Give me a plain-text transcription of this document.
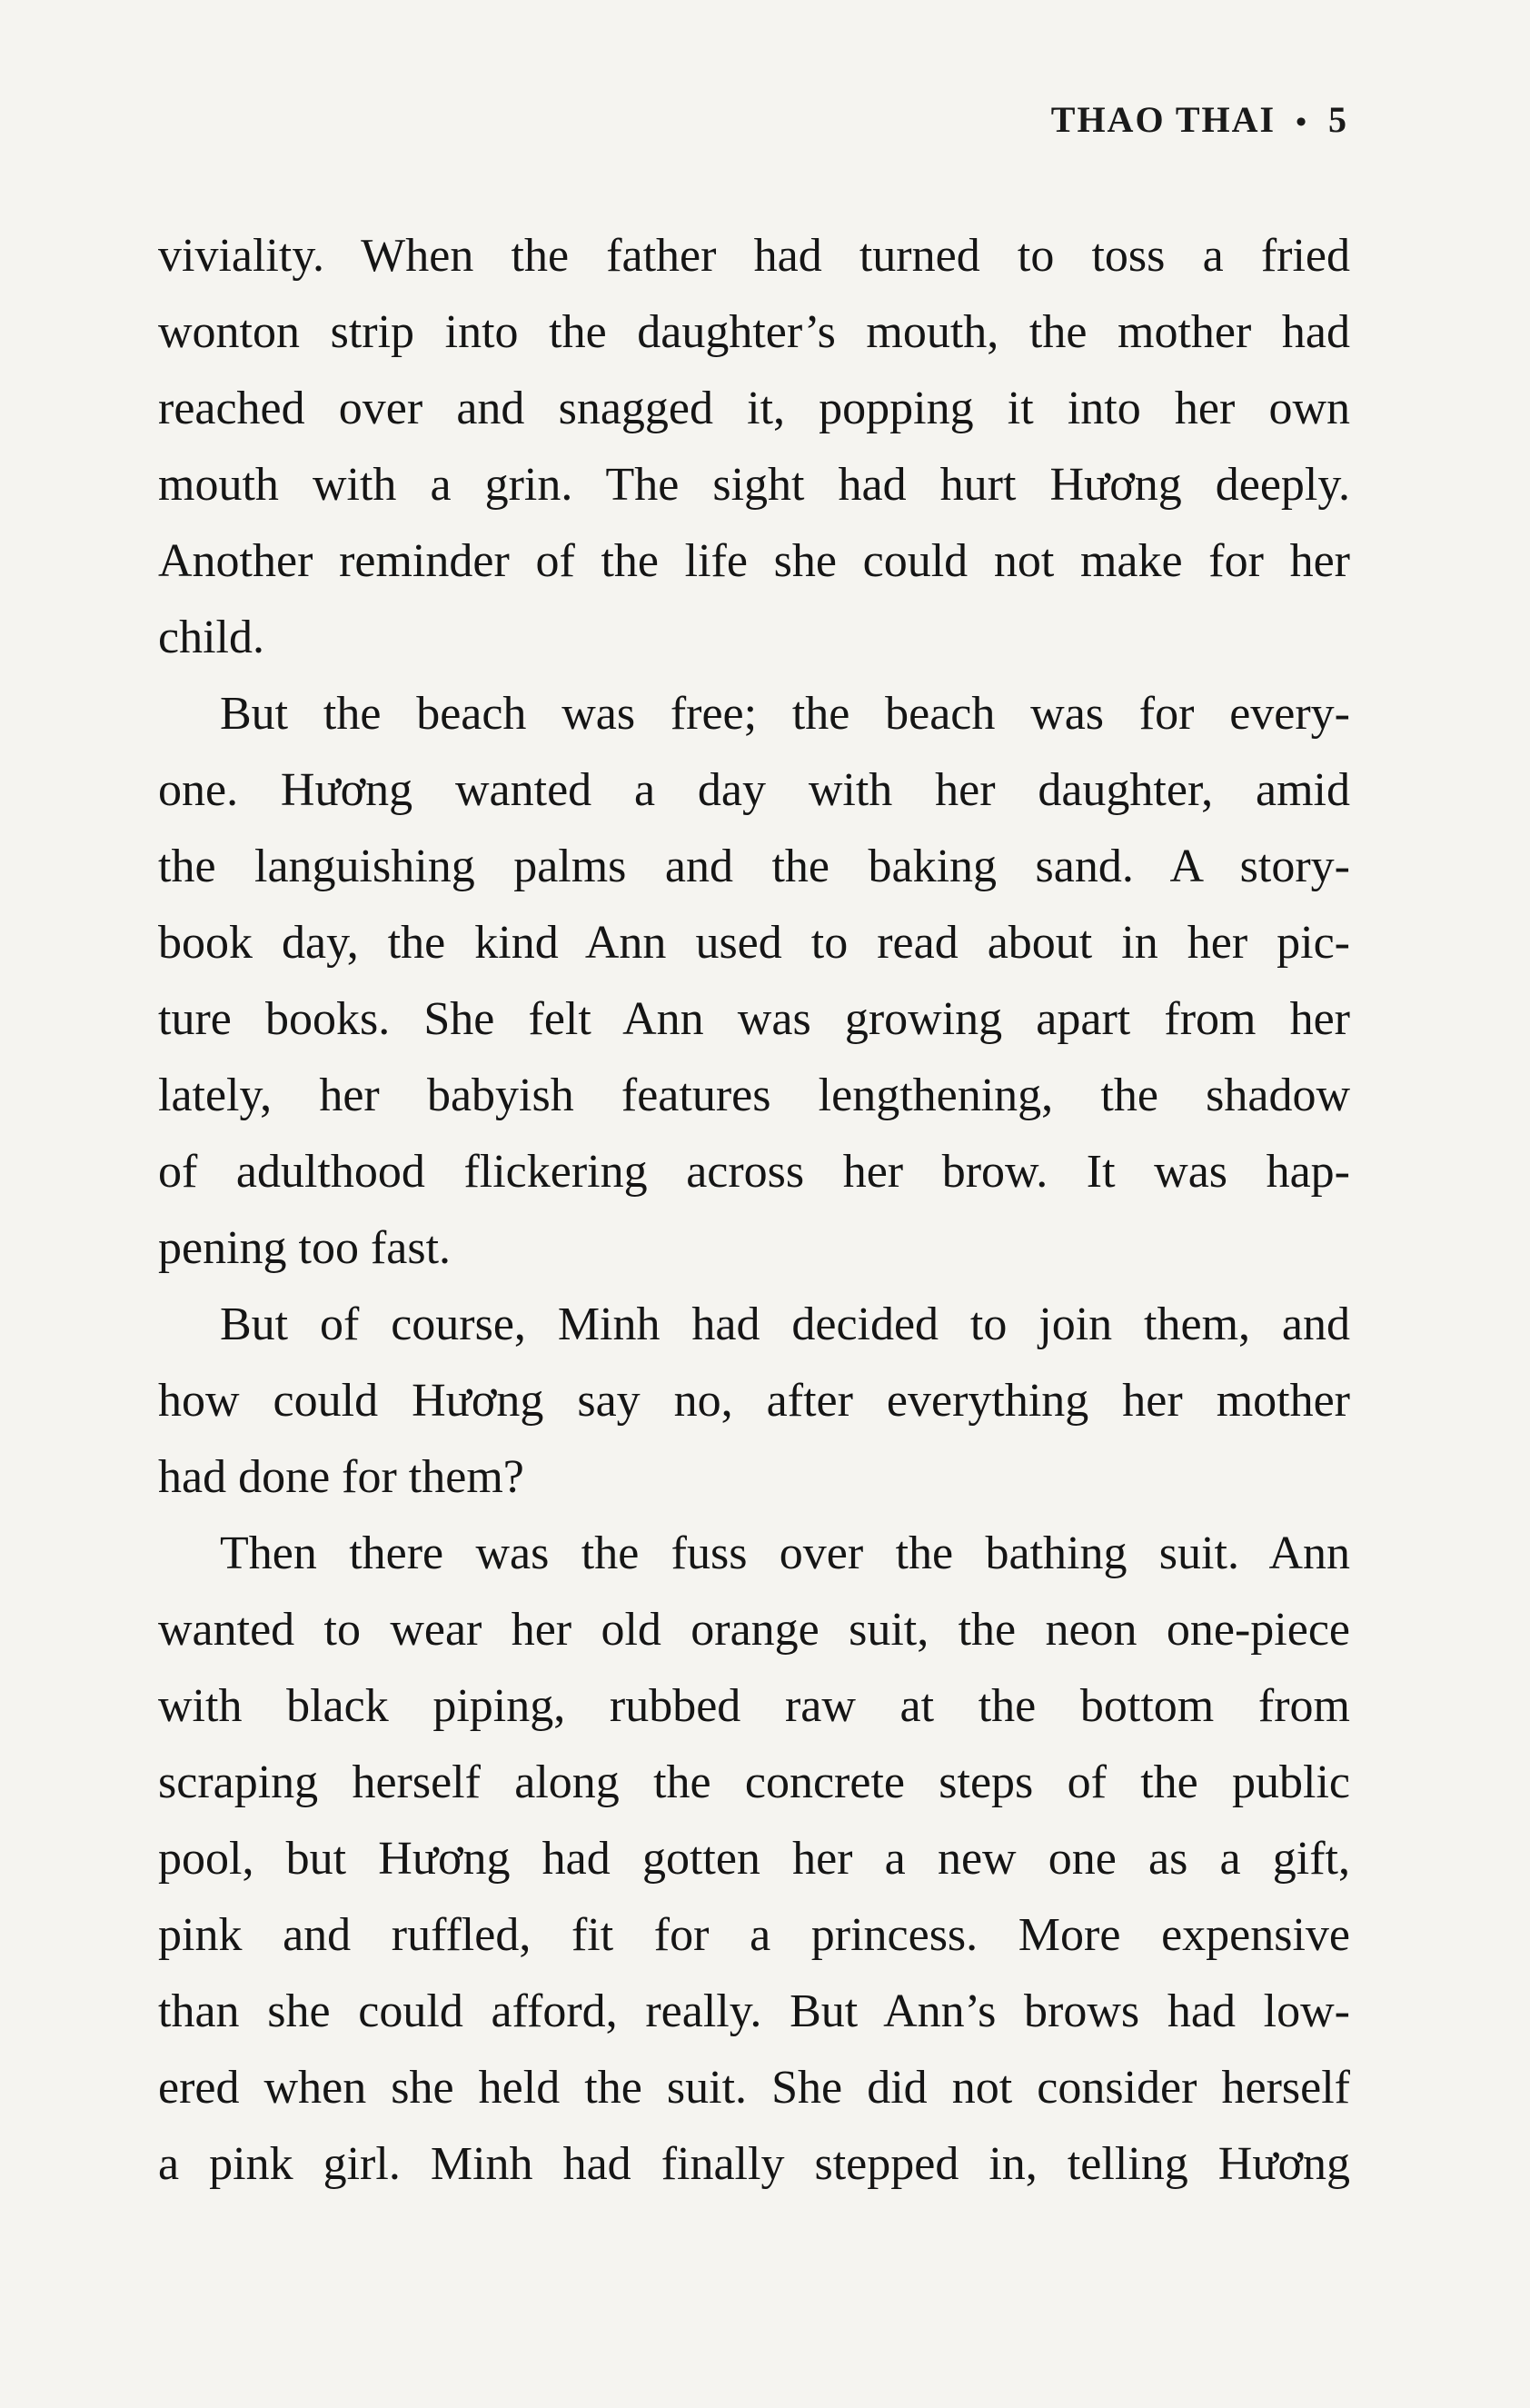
THAO THAI • 5
viviality. When the father had turned to toss a fried
wonton strip into the daughter’s mouth, the mother had
reached over and snagged it, popping it into her own
mouth with a grin. The sight had hurt Hương deeply.
Another reminder of the life she could not make for her
child.
But the beach was free; the beach was for every-
one. Hương wanted a day with her daughter, amid
the languishing palms and the baking sand. A story-
book day, the kind Ann used to read about in her pic-
ture books. She felt Ann was growing apart from her
lately, her babyish features lengthening, the shadow
of adulthood flickering across her brow. It was hap-
pening too fast.
But of course, Minh had decided to join them, and
how could Hương say no, after everything her mother
had done for them?
Then there was the fuss over the bathing suit. Ann
wanted to wear her old orange suit, the neon one-piece
with black piping, rubbed raw at the bottom from
scraping herself along the concrete steps of the public
pool, but Hương had gotten her a new one as a gift,
pink and ruffled, fit for a princess. More expensive
than she could afford, really. But Ann’s brows had low-
ered when she held the suit. She did not consider herself
a pink girl. Minh had finally stepped in, telling Hương
